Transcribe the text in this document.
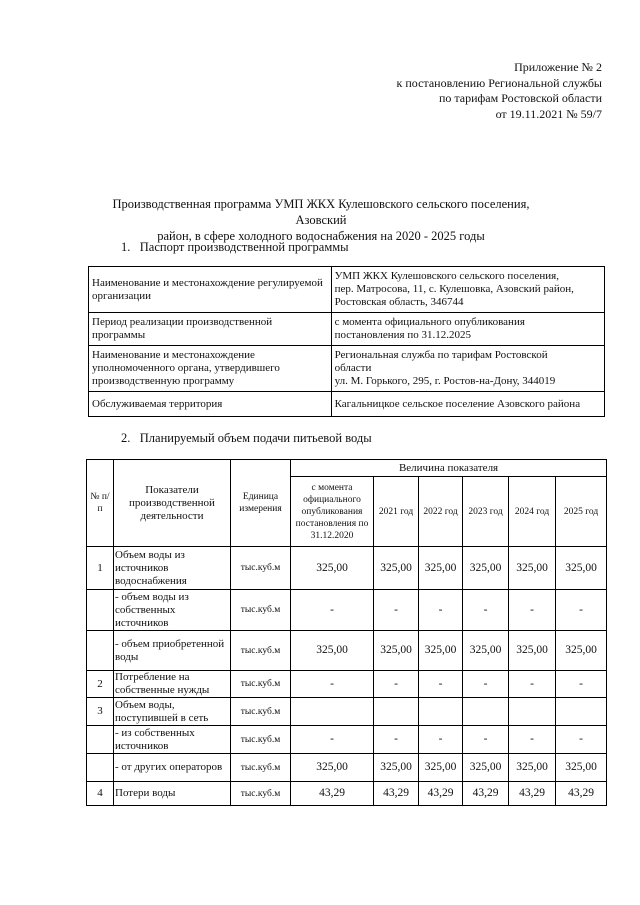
Приложение № 2
к постановлению Региональной службы
по тарифам Ростовской области
от 19.11.2021 № 59/7
Производственная программа УМП ЖКХ Кулешовского сельского поселения, Азовский
район, в сфере холодного водоснабжения на 2020 - 2025 годы
1. Паспорт производственной программы
Наименование и местонахождение регулируемой организации	УМП ЖКХ Кулешовского сельского поселения,
пер. Матросова, 11, с. Кулешовка, Азовский район,
Ростовская область, 346744

Период реализации производственной программы	с момента официального опубликования
постановления по 31.12.2025

Наименование и местонахождение уполномоченного органа, утвердившего производственную программу	Региональная служба по тарифам Ростовской
области
ул. М. Горького, 295, г. Ростов-на-Дону, 344019

Обслуживаемая территория	Кагальницкое сельское поселение Азовского района
2. Планируемый объем подачи питьевой воды
№ п/ п	Показатели производственной деятельности	Единица измерения	Величина показателя					
			с момента официального опубликования постановления по 31.12.2020	2021 год	2022 год	2023 год	2024 год	2025 год
1	Объем воды из источников водоснабжения	тыс.куб.м	325,00	325,00	325,00	325,00	325,00	325,00
	- объем воды из собственных источников	тыс.куб.м	-	-	-	-	-	-
	- объем приобретенной воды	тыс.куб.м	325,00	325,00	325,00	325,00	325,00	325,00
2	Потребление на собственные нужды	тыс.куб.м	-	-	-	-	-	-
3	Объем воды, поступившей в сеть	тыс.куб.м						
	- из собственных источников	тыс.куб.м	-	-	-	-	-	-
	- от других операторов	тыс.куб.м	325,00	325,00	325,00	325,00	325,00	325,00
4	Потери воды	тыс.куб.м	43,29	43,29	43,29	43,29	43,29	43,29
